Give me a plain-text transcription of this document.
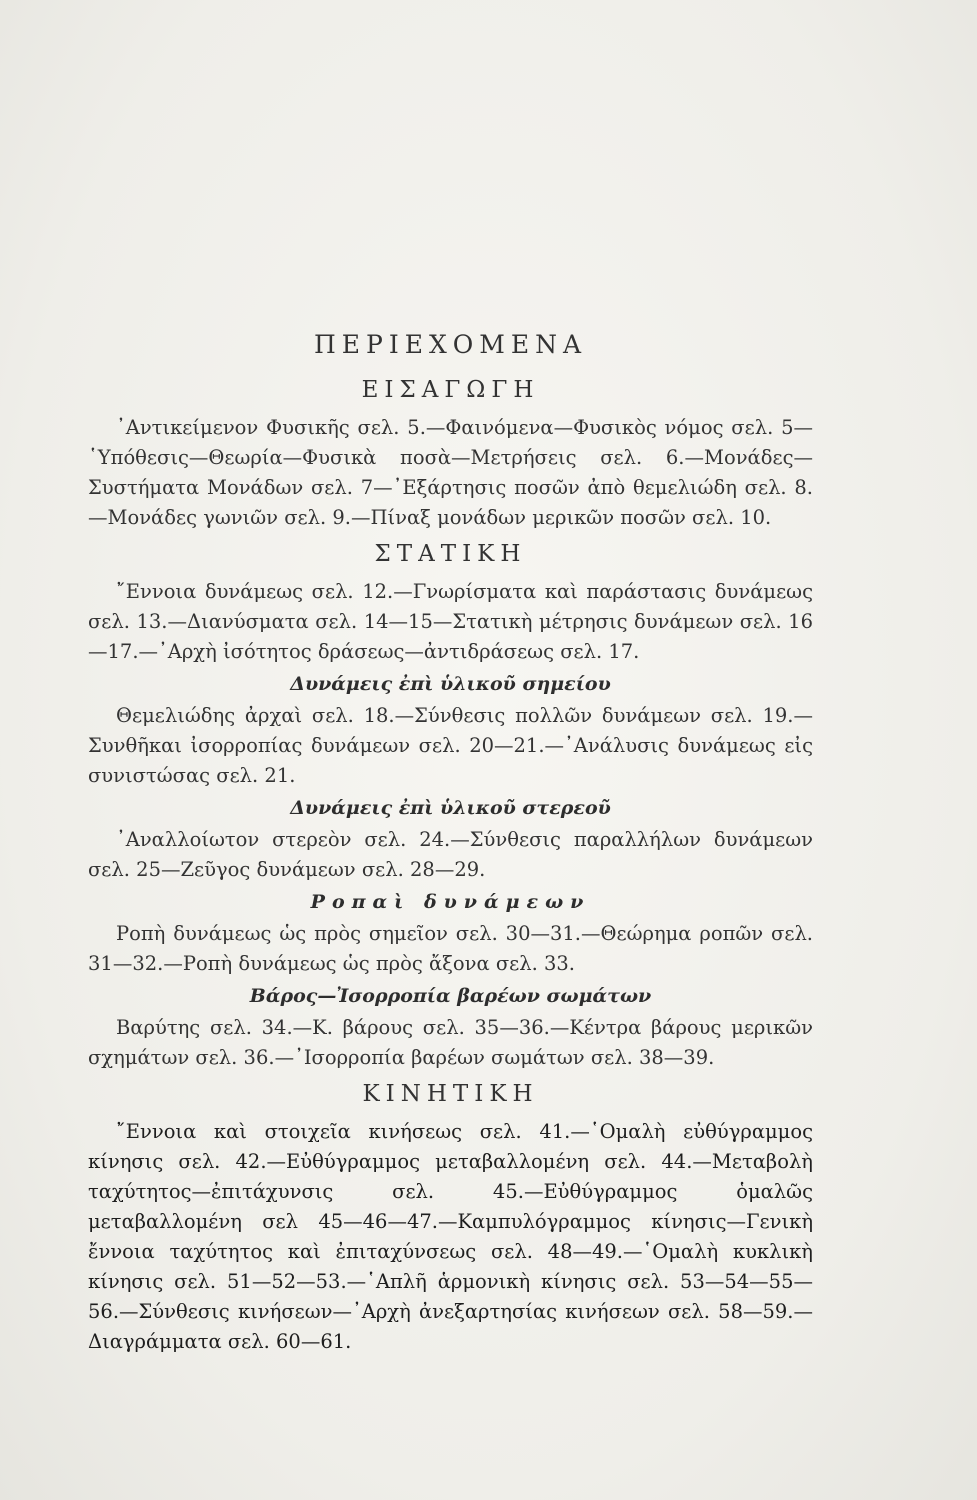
ΠΕΡΙΕΧΟΜΕΝΑ
ΕΙΣΑΓΩΓΗ

᾿Αντικείμενον Φυσικῆς σελ. 5.—Φαινόμενα—Φυσικὸς νόμος σελ. 5—῾Υπόθεσις—Θεωρία—Φυσικὰ ποσὰ—Μετρήσεις σελ. 6.—Μονάδες—Συστήματα Μονάδων σελ. 7—᾿Εξάρτησις ποσῶν ἀπὸ θεμελιώδη σελ. 8.—Μονάδες γωνιῶν σελ. 9.—Πίναξ μονάδων μερικῶν ποσῶν σελ. 10.

ΣΤΑΤΙΚΗ

῎Εννοια δυνάμεως σελ. 12.—Γνωρίσματα καὶ παράστασις δυνάμεως σελ. 13.—Διανύσματα σελ. 14—15—Στατικὴ μέτρησις δυνάμεων σελ. 16—17.—᾿Αρχὴ ἰσότητος δράσεως—ἀντιδράσεως σελ. 17.

Δυνάμεις ἐπὶ ὑλικοῦ σημείου

Θεμελιώδης ἀρχαὶ σελ. 18.—Σύνθεσις πολλῶν δυνάμεων σελ. 19.—Συνθῆκαι ἰσορροπίας δυνάμεων σελ. 20—21.—᾿Ανάλυσις δυνάμεως εἰς συνιστώσας σελ. 21.

Δυνάμεις ἐπὶ ὑλικοῦ στερεοῦ

᾿Αναλλοίωτον στερεὸν σελ. 24.—Σύνθεσις παραλλήλων δυνάμεων σελ. 25—Ζεῦγος δυνάμεων σελ. 28—29.

Ροπαὶ δυνάμεων

Ροπὴ δυνάμεως ὡς πρὸς σημεῖον σελ. 30—31.—Θεώρημα ροπῶν σελ. 31—32.—Ροπὴ δυνάμεως ὡς πρὸς ἄξονα σελ. 33.

Βάρος—Ἰσορροπία βαρέων σωμάτων

Βαρύτης σελ. 34.—Κ. βάρους σελ. 35—36.—Κέντρα βάρους μερικῶν σχημάτων σελ. 36.—᾿Ισορροπία βαρέων σωμάτων σελ. 38—39.

ΚΙΝΗΤΙΚΗ

῎Εννοια καὶ στοιχεῖα κινήσεως σελ. 41.—῾Ομαλὴ εὐθύγραμμος κίνησις σελ. 42.—Εὐθύγραμμος μεταβαλλομένη σελ. 44.—Μεταβολὴ ταχύτητος—ἐπιτάχυνσις σελ. 45.—Εὐθύγραμμος ὁμαλῶς μεταβαλλομένη σελ 45—46—47.—Καμπυλόγραμμος κίνησις—Γενικὴ ἔννοια ταχύτητος καὶ ἐπιταχύνσεως σελ. 48—49.—῾Ομαλὴ κυκλικὴ κίνησις σελ. 51—52—53.—῾Απλῆ ἁρμονικὴ κίνησις σελ. 53—54—55—56.—Σύνθεσις κινήσεων—᾿Αρχὴ ἀνεξαρτησίας κινήσεων σελ. 58—59.—Διαγράμματα σελ. 60—61.
